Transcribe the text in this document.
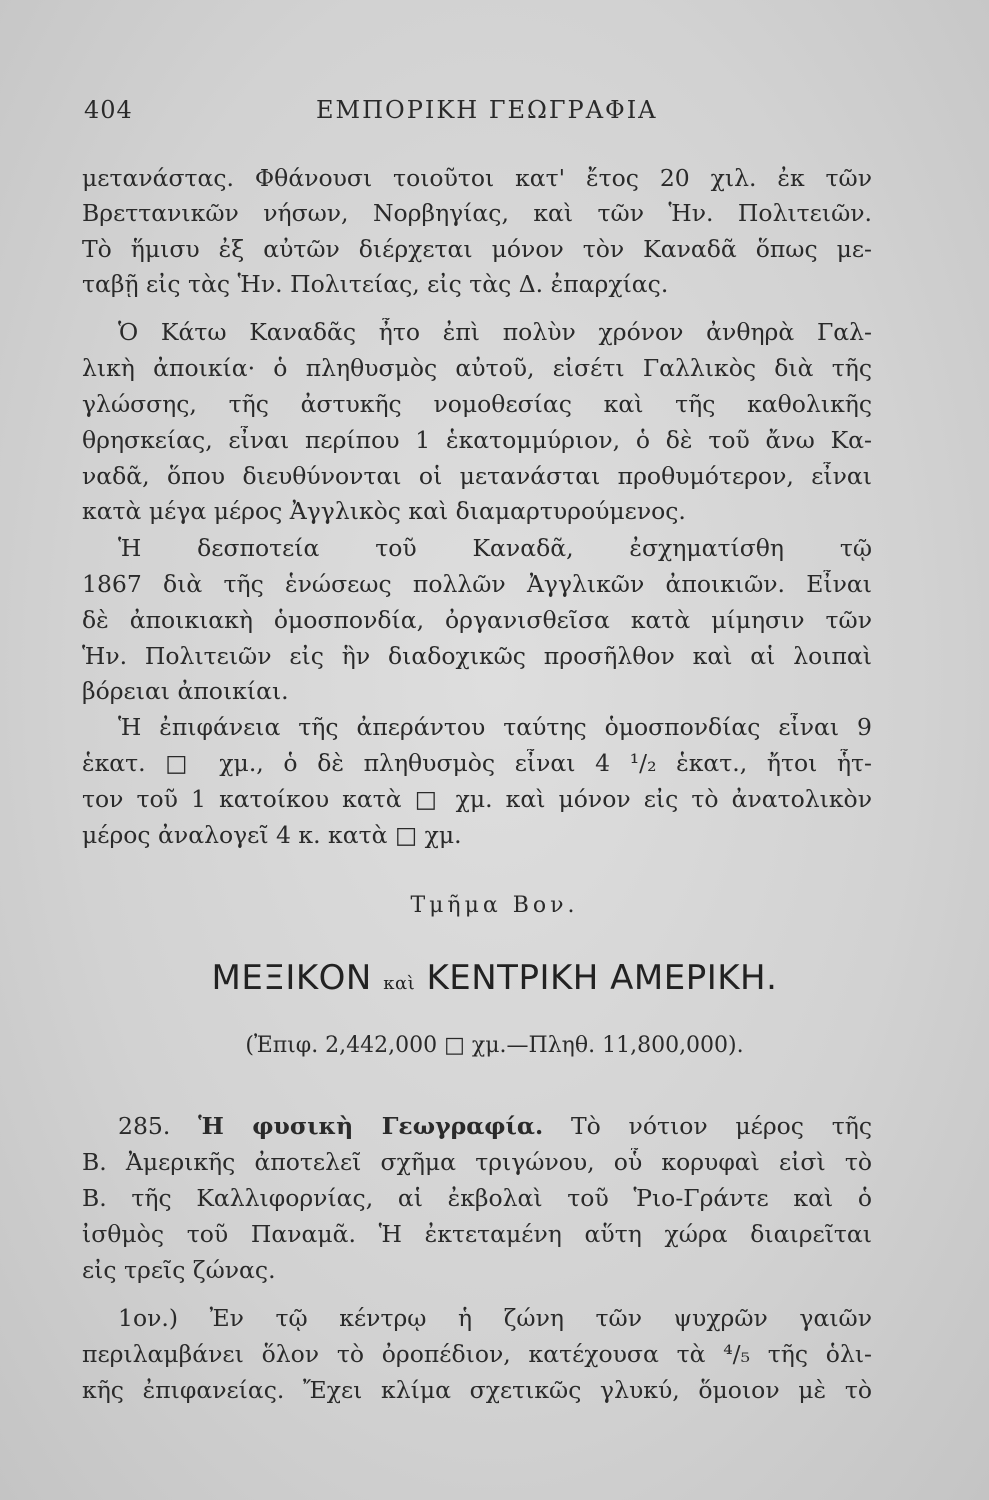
404	ΕΜΠΟΡΙΚΗ ΓΕΩΓΡΑΦΙΑ
μετανάστας. Φθάνουσι τοιοῦτοι κατ' ἔτος 20 χιλ. ἐκ τῶν
Βρεττανικῶν νήσων, Νορβηγίας, καὶ τῶν Ἡν. Πολιτειῶν.
Τὸ ἥμισυ ἐξ αὐτῶν διέρχεται μόνον τὸν Καναδᾶ ὅπως με-
ταβῇ εἰς τὰς Ἡν. Πολιτείας, εἰς τὰς Δ. ἐπαρχίας.
Ὁ Κάτω Καναδᾶς ἦτο ἐπὶ πολὺν χρόνον ἀνθηρὰ Γαλ-
λικὴ ἀποικία· ὁ πληθυσμὸς αὐτοῦ, εἰσέτι Γαλλικὸς διὰ τῆς
γλώσσης, τῆς ἀστυκῆς νομοθεσίας καὶ τῆς καθολικῆς
θρησκείας, εἶναι περίπου 1 ἑκατομμύριον, ὁ δὲ τοῦ ἄνω Κα-
ναδᾶ, ὅπου διευθύνονται οἱ μετανάσται προθυμότερον, εἶναι
κατὰ μέγα μέρος Ἀγγλικὸς καὶ διαμαρτυρούμενος.
Ἡ δεσποτεία τοῦ Καναδᾶ, ἐσχηματίσθη τῷ
1867 διὰ τῆς ἑνώσεως πολλῶν Ἀγγλικῶν ἀποικιῶν. Εἶναι
δὲ ἀποικιακὴ ὁμοσπονδία, ὀργανισθεῖσα κατὰ μίμησιν τῶν
Ἡν. Πολιτειῶν εἰς ἣν διαδοχικῶς προσῆλθον καὶ αἱ λοιπαὶ
βόρειαι ἀποικίαι.
Ἡ ἐπιφάνεια τῆς ἀπεράντου ταύτης ὁμοσπονδίας εἶναι 9
ἑκατ. □ χμ., ὁ δὲ πληθυσμὸς εἶναι 4 ¹/₂ ἑκατ., ἤτοι ἧτ-
τον τοῦ 1 κατοίκου κατὰ □ χμ. καὶ μόνον εἰς τὸ ἀνατολικὸν
μέρος ἀναλογεῖ 4 κ. κατὰ □ χμ.
Τμῆμα Βον.
ΜΕΞΙΚΟΝ καὶ ΚΕΝΤΡΙΚΗ ΑΜΕΡΙΚΗ.
(Ἐπιφ. 2,442,000 □ χμ.—Πληθ. 11,800,000).
285. Ἡ φυσικὴ Γεωγραφία. Τὸ νότιον μέρος τῆς
Β. Ἀμερικῆς ἀποτελεῖ σχῆμα τριγώνου, οὗ κορυφαὶ εἰσὶ τὸ
Β. τῆς Καλλιφορνίας, αἱ ἐκβολαὶ τοῦ Ῥιο-Γράντε καὶ ὁ
ἰσθμὸς τοῦ Παναμᾶ. Ἡ ἐκτεταμένη αὕτη χώρα διαιρεῖται
εἰς τρεῖς ζώνας.
1ον.) Ἐν τῷ κέντρῳ ἡ ζώνη τῶν ψυχρῶν γαιῶν
περιλαμβάνει ὅλον τὸ ὀροπέδιον, κατέχουσα τὰ ⁴/₅ τῆς ὁλι-
κῆς ἐπιφανείας. Ἔχει κλίμα σχετικῶς γλυκύ, ὅμοιον μὲ τὸ
